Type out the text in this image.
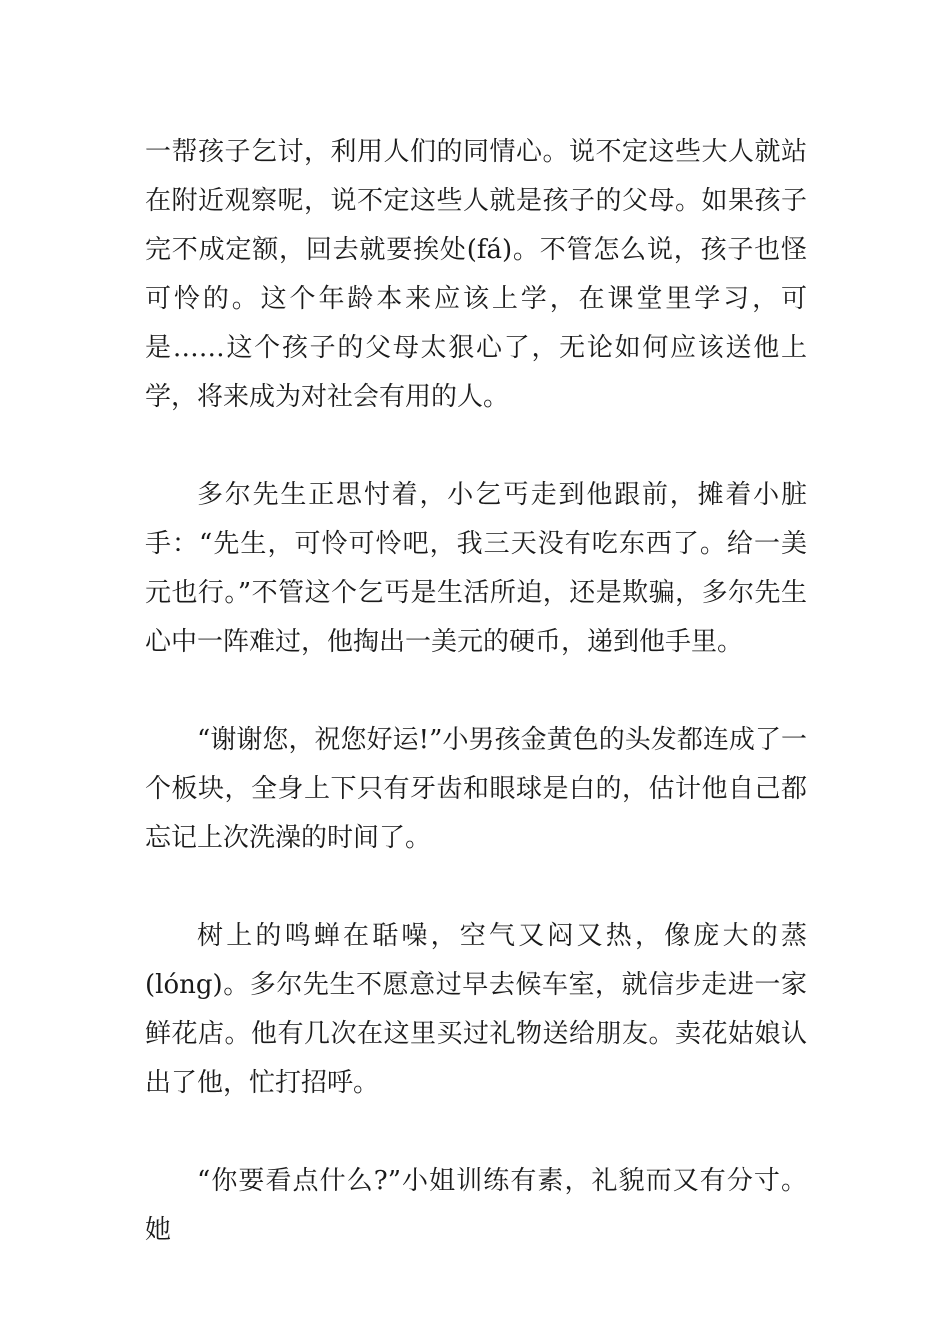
一帮孩子乞讨，利用人们的同情心。说不定这些大人就站在附近观察呢，说不定这些人就是孩子的父母。如果孩子完不成定额，回去就要挨处(fá)。不管怎么说，孩子也怪可怜的。这个年龄本来应该上学，在课堂里学习，可是……这个孩子的父母太狠心了，无论如何应该送他上学，将来成为对社会有用的人。

多尔先生正思忖着，小乞丐走到他跟前，摊着小脏手：“先生，可怜可怜吧，我三天没有吃东西了。给一美元也行。”不管这个乞丐是生活所迫，还是欺骗，多尔先生心中一阵难过，他掏出一美元的硬币，递到他手里。

“谢谢您，祝您好运!”小男孩金黄色的头发都连成了一个板块，全身上下只有牙齿和眼球是白的，估计他自己都忘记上次洗澡的时间了。

树上的鸣蝉在聒噪，空气又闷又热，像庞大的蒸(lóng)。多尔先生不愿意过早去候车室，就信步走进一家鲜花店。他有几次在这里买过礼物送给朋友。卖花姑娘认出了他，忙打招呼。

“你要看点什么?”小姐训练有素，礼貌而又有分寸。她
